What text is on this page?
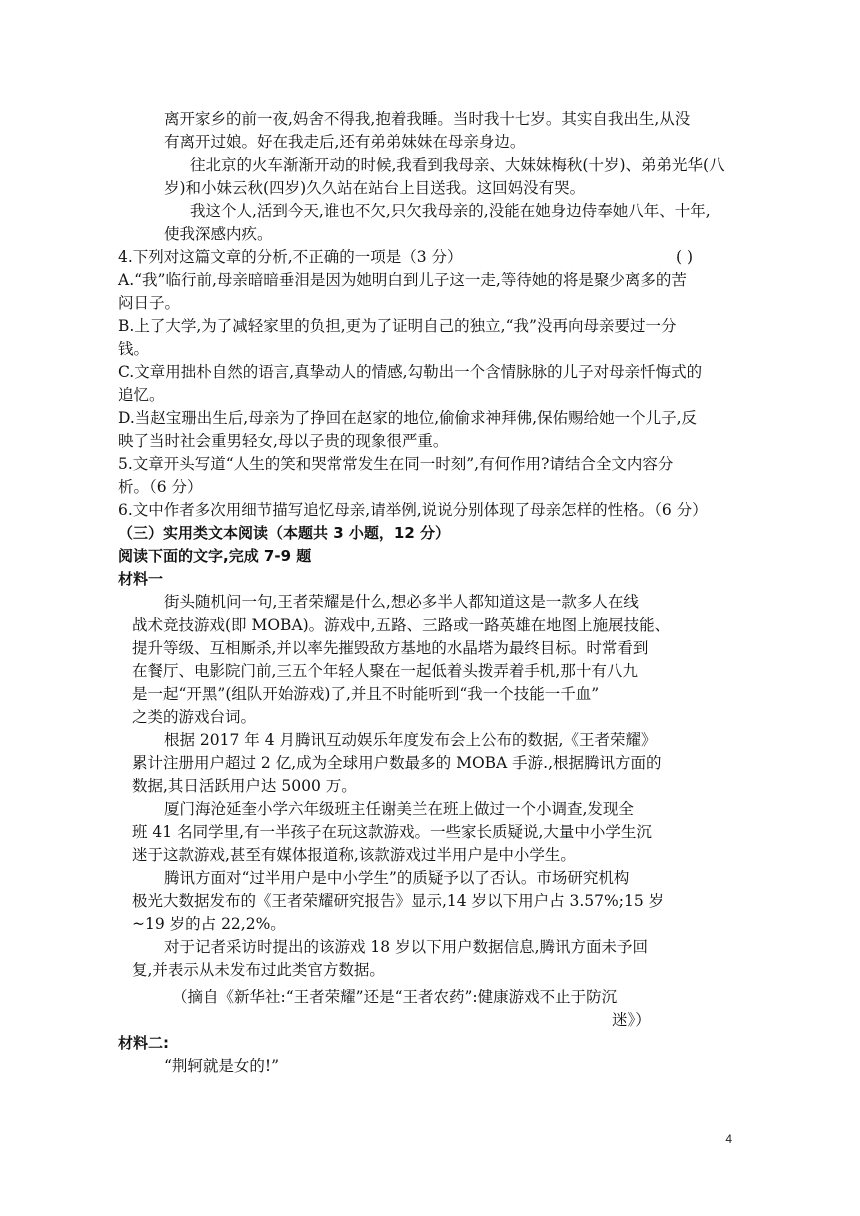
离开家乡的前一夜,妈舍不得我,抱着我睡。当时我十七岁。其实自我出生,从没
有离开过娘。好在我走后,还有弟弟妹妹在母亲身边。
往北京的火车渐渐开动的时候,我看到我母亲、大妹妹梅秋(十岁)、弟弟光华(八
岁)和小妹云秋(四岁)久久站在站台上目送我。这回妈没有哭。
我这个人,活到今天,谁也不欠,只欠我母亲的,没能在她身边侍奉她八年、十年,
使我深感内疚。
4.下列对这篇文章的分析,不正确的一项是（3 分）	( )
A.“我”临行前,母亲暗暗垂泪是因为她明白到儿子这一走,等待她的将是聚少离多的苦
闷日子。
B.上了大学,为了减轻家里的负担,更为了证明自己的独立,“我”没再向母亲要过一分
钱。
C.文章用拙朴自然的语言,真挚动人的情感,勾勒出一个含情脉脉的儿子对母亲忏悔式的
追忆。
D.当赵宝珊出生后,母亲为了挣回在赵家的地位,偷偷求神拜佛,保佑赐给她一个儿子,反
映了当时社会重男轻女,母以子贵的现象很严重。
5.文章开头写道“人生的笑和哭常常发生在同一时刻”,有何作用?请结合全文内容分
析。（6 分）
6.文中作者多次用细节描写追忆母亲,请举例,说说分别体现了母亲怎样的性格。（6 分）
（三）实用类文本阅读（本题共 3 小题，12 分）
阅读下面的文字,完成 7-9 题
材料一
街头随机问一句,王者荣耀是什么,想必多半人都知道这是一款多人在线
战术竞技游戏(即 MOBA)。游戏中,五路、三路或一路英雄在地图上施展技能、
提升等级、互相厮杀,并以率先摧毁敌方基地的水晶塔为最终目标。时常看到
在餐厅、电影院门前,三五个年轻人聚在一起低着头拨弄着手机,那十有八九
是一起“开黑”(组队开始游戏)了,并且不时能听到“我一个技能一千血”
之类的游戏台词。
根据 2017 年 4 月腾讯互动娱乐年度发布会上公布的数据,《王者荣耀》
累计注册用户超过 2 亿,成为全球用户数最多的 MOBA 手游.,根据腾讯方面的
数据,其日活跃用户达 5000 万。
厦门海沧延奎小学六年级班主任谢美兰在班上做过一个小调查,发现全
班 41 名同学里,有一半孩子在玩这款游戏。一些家长质疑说,大量中小学生沉
迷于这款游戏,甚至有媒体报道称,该款游戏过半用户是中小学生。
腾讯方面对“过半用户是中小学生”的质疑予以了否认。市场研究机构
极光大数据发布的《王者荣耀研究报告》显示,14 岁以下用户占 3.57%;15 岁
~19 岁的占 22,2%。
对于记者采访时提出的该游戏 18 岁以下用户数据信息,腾讯方面未予回
复,并表示从未发布过此类官方数据。
（摘自《新华社:“王者荣耀”还是“王者农药”:健康游戏不止于防沉
迷》）
材料二:
“荆轲就是女的!”
4
